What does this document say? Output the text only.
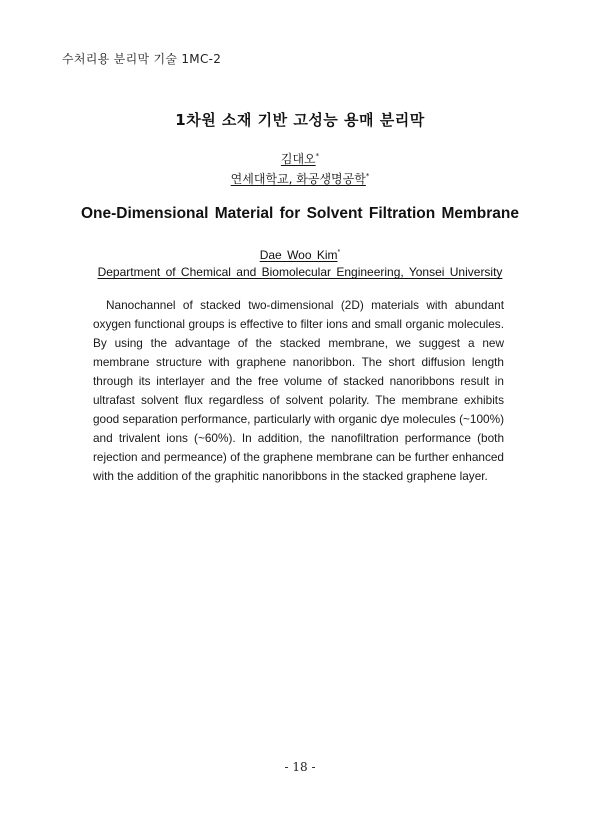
수처리용 분리막 기술 1MC-2
1차원 소재 기반 고성능 용매 분리막
김대오*
연세대학교, 화공생명공학*
One-Dimensional Material for Solvent Filtration Membrane
Dae Woo Kim*
Department of Chemical and Biomolecular Engineering, Yonsei University

Nanochannel of stacked two-dimensional (2D) materials with abundant oxygen functional groups is effective to filter ions and small organic molecules. By using the advantage of the stacked membrane, we suggest a new membrane structure with graphene nanoribbon. The short diffusion length through its interlayer and the free volume of stacked nanoribbons result in ultrafast solvent flux regardless of solvent polarity. The membrane exhibits good separation performance, particularly with organic dye molecules (~100%) and trivalent ions (~60%). In addition, the nanofiltration performance (both rejection and permeance) of the graphene membrane can be further enhanced with the addition of the graphitic nanoribbons in the stacked graphene layer.

- 18 -
